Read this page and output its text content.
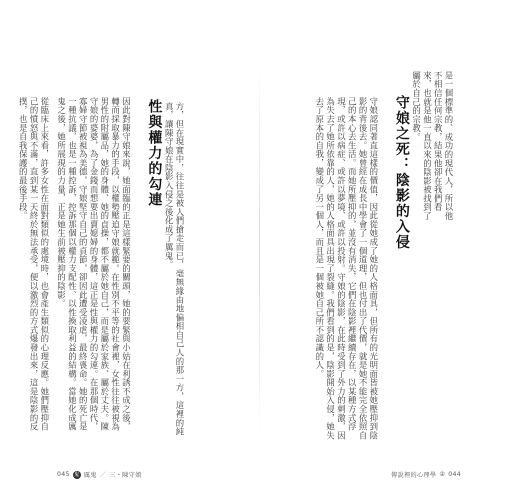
是一個標準的、成功的現代人，所以他不相信任何宗教，結果他卻在我們看來，也就是他一直以來的陰影被找到了屬於自己的宗教。
守娘之死：陰影的入侵
守娘認同著直這樣的價值，因此從她成了她的人格面具，但所有的光明面皆被她壓抑到陰影的背後去。她曾經在成長中學會了一個道理，但也付出了代價，就是她不能完全依照自己的本心去生活。而她所壓抑的，並沒有消失，它們在陰影裡繼續存在，以某種方式浮現，或許以病症、或許以夢境、或許以投射。守娘的陰影，在此時受到了外力的刺激，因為失去了她所依靠的人，她的人格面具出現了裂縫。我們看到的是，陰影開始入侵，她失去了原本的自我，變成了另一個人，而且是一個被她自己所不認識的人。
方，但在現實中，往往是被人們搶走而已，毫無緣由地偏相自己人的那一方，這裡的純真，讓陳守娘在陰影入侵之後化成了厲鬼。
性與權力的勾連
因此對陳守娘來說，她面臨的正是這樣緊要的關頭，她的要緊與小姑在利誘不成之後，轉而採取暴力的手段，以權勢壓迫守娘就範。在性別不平等的社會裡，女性往往被視為男性的附屬品，她的身體、她的貞操，都不屬於她自己，而是屬於家族、屬於丈夫。陳守娘的婆婆，為了金錢而想要出賣媳婦的身體，這正是性與權力的勾連。在那個時代，寡婦守節被視為美德，守娘堅守自己的貞節，卻因此遭受凌虐，最終喪命。她的死亡是一種抗議，也是一種控訴，控訴那個以權力支配性、以性換取利益的結構。當她化成厲鬼之後，她所展現的力量，正是她生前被壓抑的陰影。
從臨床上來看，許多女性在面對類似的處境時，也會產生類似的心理反應。她們壓抑自己的憤怒與不滿，直到某一天終於無法承受，便以激烈的方式爆發出來，這是陰影的反撲，也是自我保護的最後手段。
045 鬼 厲鬼 ／ 三・陳守娘	傳說裡的心理學 ② 044
